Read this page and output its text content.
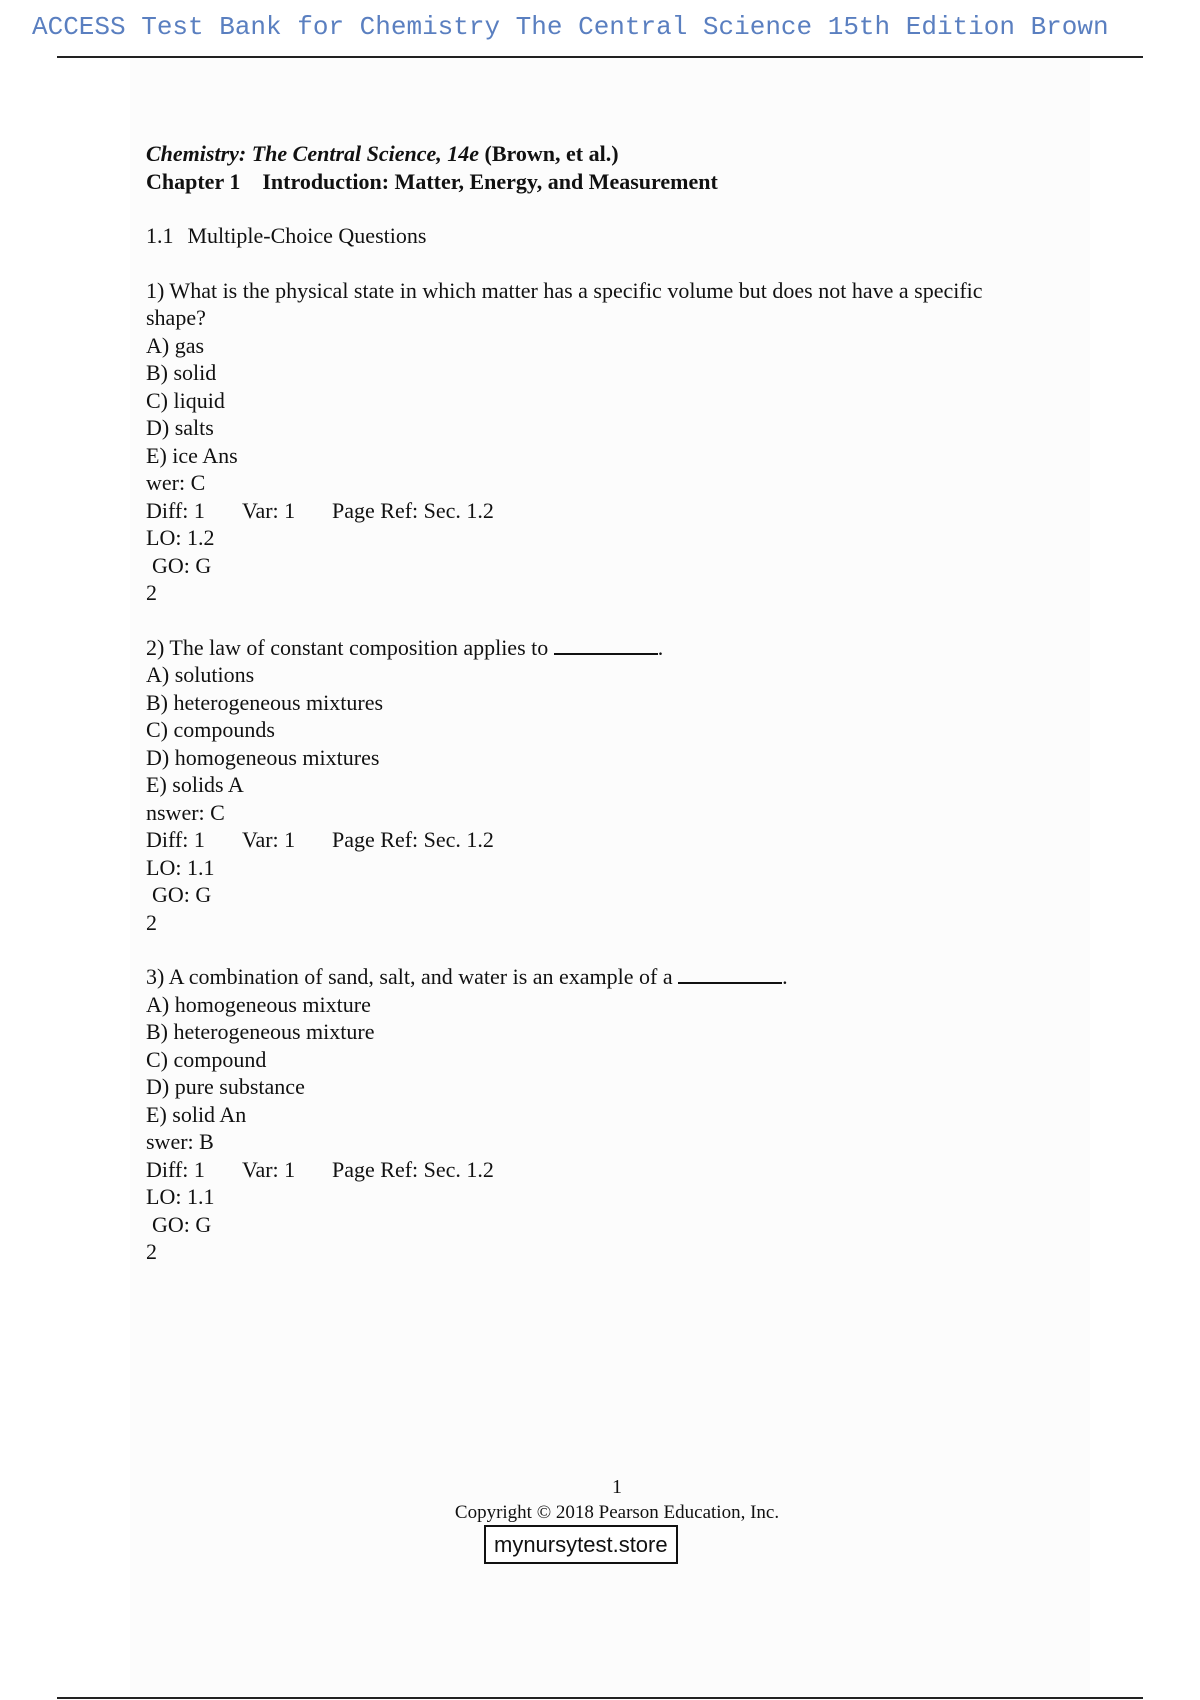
ACCESS Test Bank for Chemistry The Central Science 15th Edition Brown
Chemistry: The Central Science, 14e (Brown, et al.)
Chapter 1 Introduction: Matter, Energy, and Measurement
1.1 Multiple-Choice Questions
1) What is the physical state in which matter has a specific volume but does not have a specific
shape?
A) gas
B) solid
C) liquid
D) salts
E) ice Ans
wer: C
Diff: 1 Var: 1 Page Ref: Sec. 1.2
LO: 1.2
GO: G
2
2) The law of constant composition applies to	.
A) solutions
B) heterogeneous mixtures
C) compounds
D) homogeneous mixtures
E) solids A
nswer: C
Diff: 1 Var: 1 Page Ref: Sec. 1.2
LO: 1.1
GO: G
2
3) A combination of sand, salt, and water is an example of a	.
A) homogeneous mixture
B) heterogeneous mixture
C) compound
D) pure substance
E) solid An
swer: B
Diff: 1 Var: 1 Page Ref: Sec. 1.2
LO: 1.1
GO: G
2
1
Copyright © 2018 Pearson Education, Inc.
mynursytest.store
